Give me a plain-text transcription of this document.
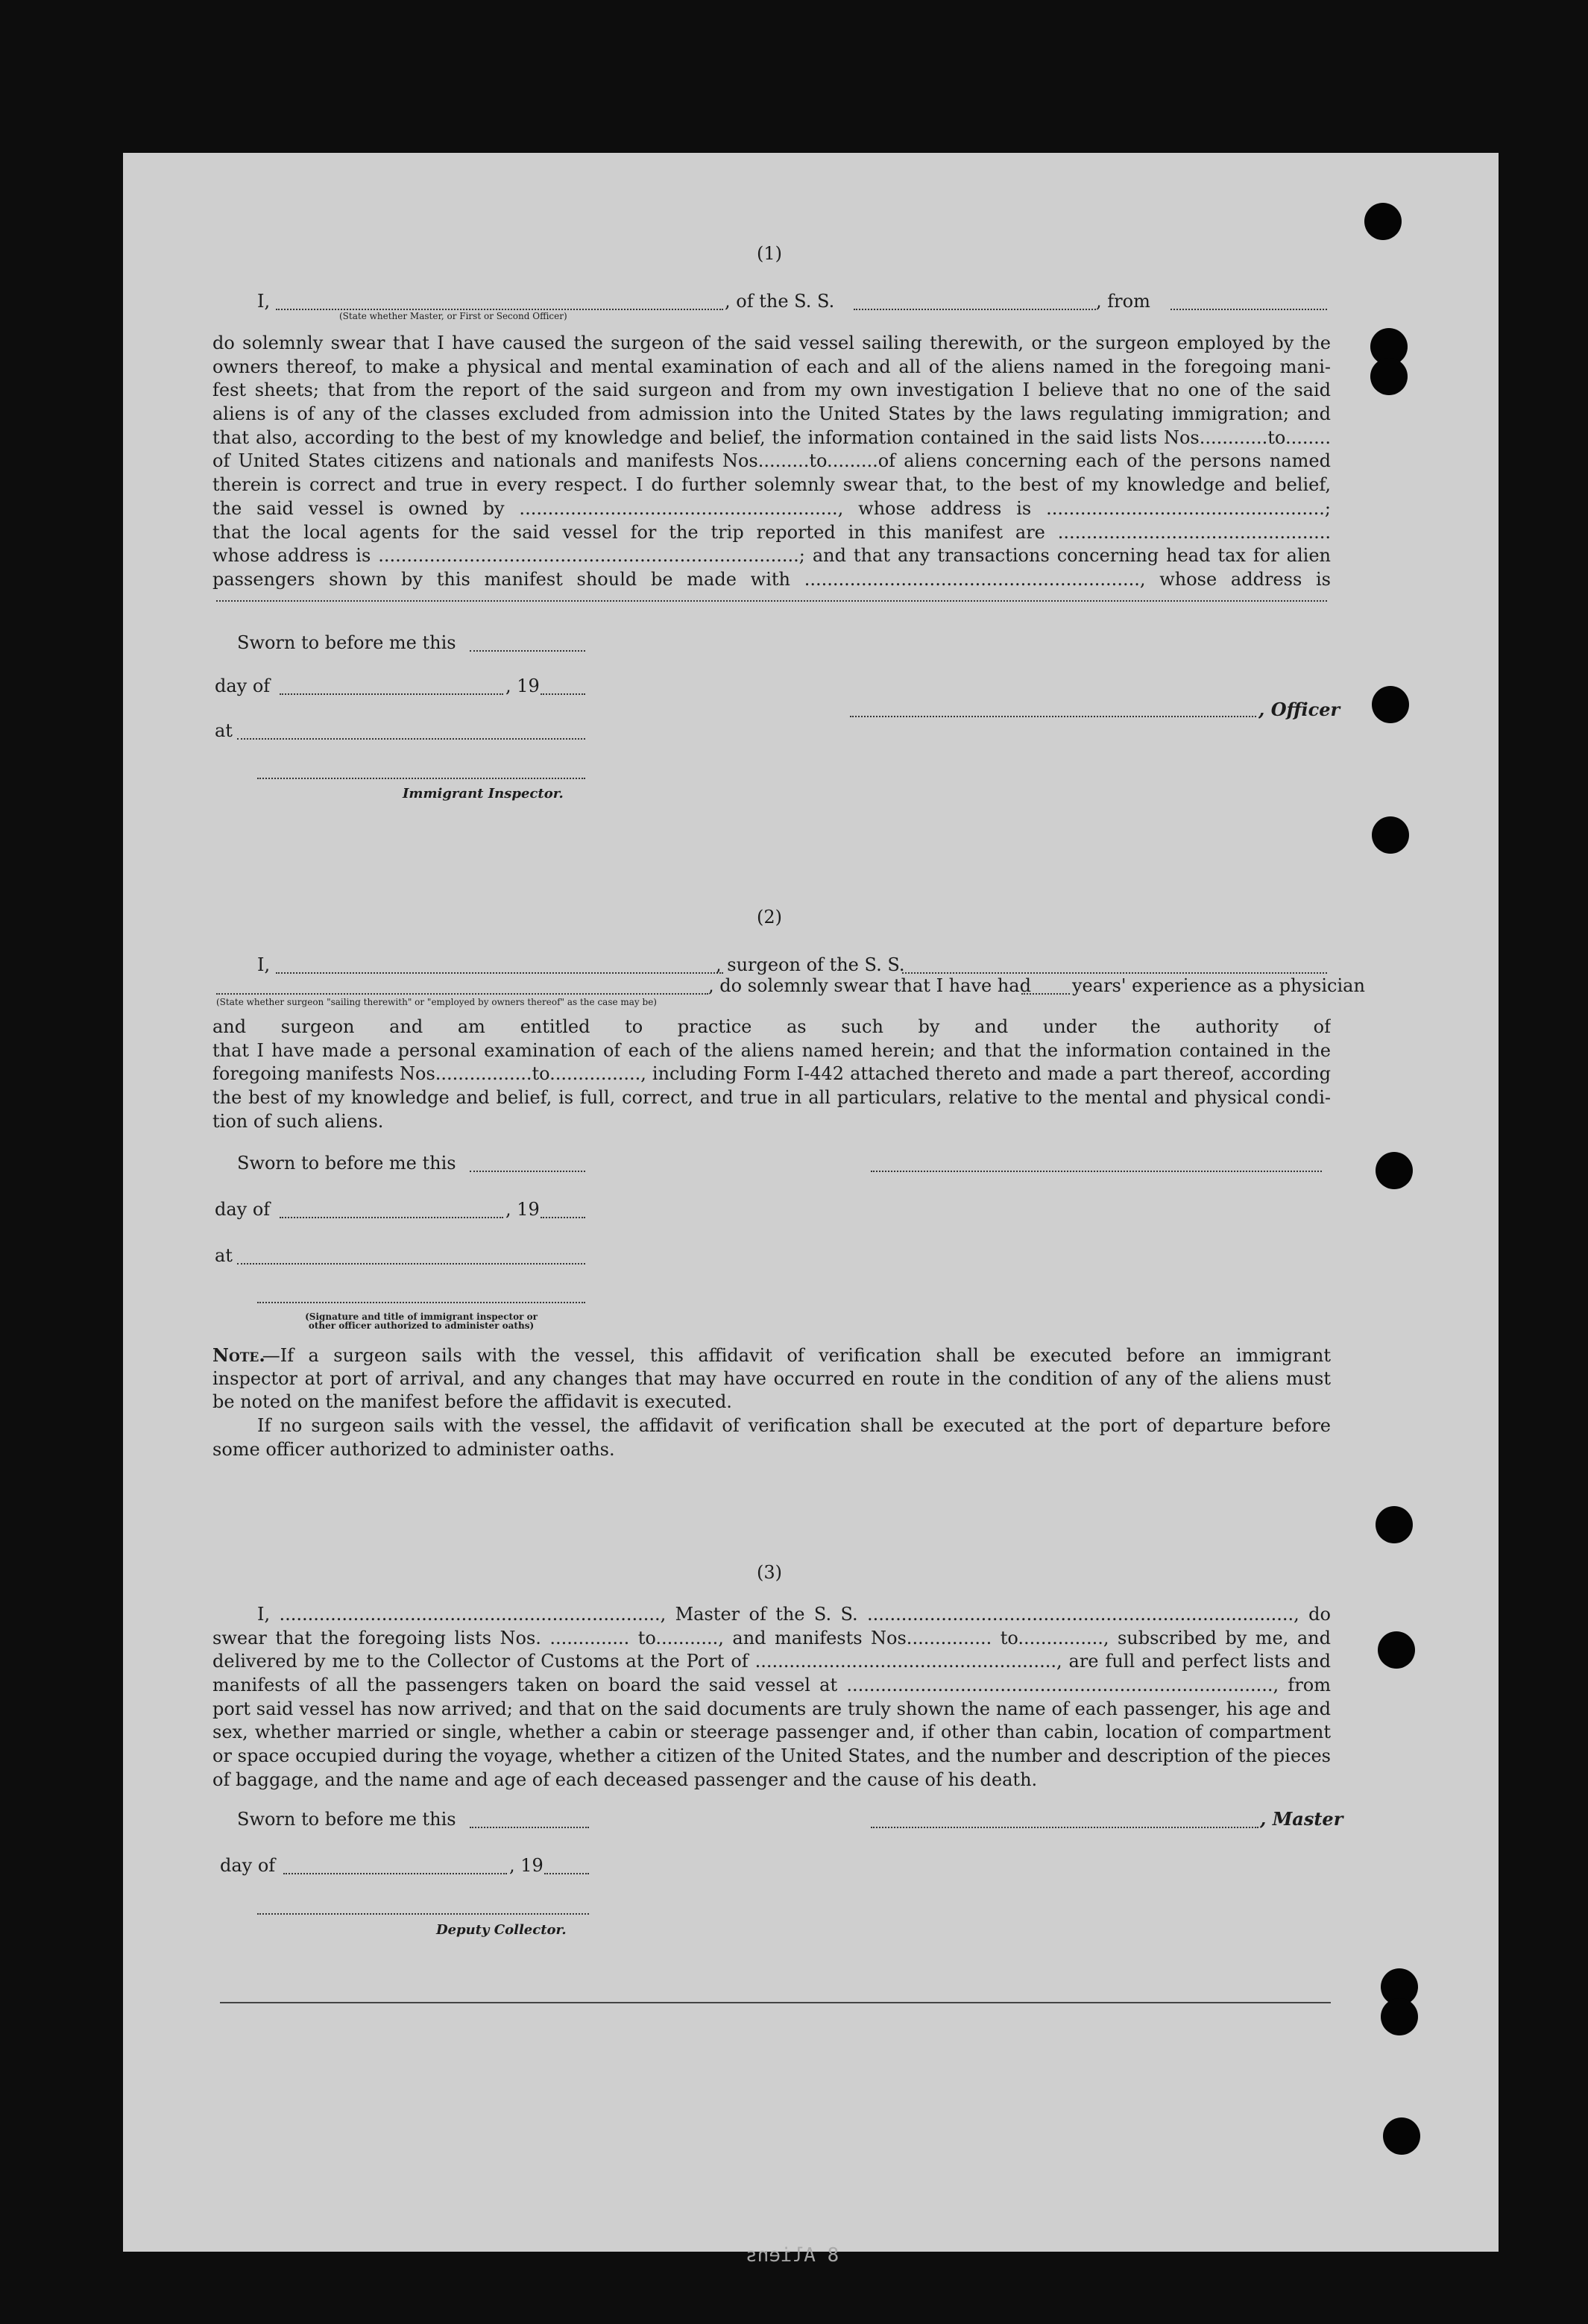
8 Aliens
(1)
I,	, of the S. S.	, from
(State whether Master, or First or Second Officer)
do solemnly swear that I have caused the surgeon of the said vessel sailing therewith, or the surgeon employed by the
owners thereof, to make a physical and mental examination of each and all of the aliens named in the foregoing mani-
fest sheets; that from the report of the said surgeon and from my own investigation I believe that no one of the said
aliens is of any of the classes excluded from admission into the United States by the laws regulating immigration; and
that also, according to the best of my knowledge and belief, the information contained in the said lists Nos............to........
of United States citizens and nationals and manifests Nos.........to.........of aliens concerning each of the persons named
therein is correct and true in every respect. I do further solemnly swear that, to the best of my knowledge and belief,
the said vessel is owned by ........................................................, whose address is .................................................;
that the local agents for the said vessel for the trip reported in this manifest are ................................................
whose address is ..........................................................................; and that any transactions concerning head tax for alien
passengers shown by this manifest should be made with ..........................................................., whose address is
Sworn to before me this
day of	, 19
at
, Officer
Immigrant Inspector.
(2)
I,	, surgeon of the S. S.
, do solemnly swear that I have had years' experience as a physician
(State whether surgeon "sailing therewith" or "employed by owners thereof" as the case may be)
and surgeon and am entitled to practice as such by and under the authority of
that I have made a personal examination of each of the aliens named herein; and that the information contained in the
foregoing manifests Nos.................to................, including Form I-442 attached thereto and made a part thereof, according
the best of my knowledge and belief, is full, correct, and true in all particulars, relative to the mental and physical condi-
tion of such aliens.
Sworn to before me this
day of	, 19
at
(Signature and title of immigrant inspector or
other officer authorized to administer oaths)
Note.—If a surgeon sails with the vessel, this affidavit of verification shall be executed before an immigrant
inspector at port of arrival, and any changes that may have occurred en route in the condition of any of the aliens must
be noted on the manifest before the affidavit is executed.
If no surgeon sails with the vessel, the affidavit of verification shall be executed at the port of departure before
some officer authorized to administer oaths.
(3)
I, ..................................................................., Master of the S. S. ..........................................................................., do
swear that the foregoing lists Nos. .............. to..........., and manifests Nos............... to..............., subscribed by me, and
delivered by me to the Collector of Customs at the Port of ....................................................., are full and perfect lists and
manifests of all the passengers taken on board the said vessel at ..........................................................................., from
port said vessel has now arrived; and that on the said documents are truly shown the name of each passenger, his age and
sex, whether married or single, whether a cabin or steerage passenger and, if other than cabin, location of compartment
or space occupied during the voyage, whether a citizen of the United States, and the number and description of the pieces
of baggage, and the name and age of each deceased passenger and the cause of his death.
Sworn to before me this	, Master
day of	, 19
Deputy Collector.
